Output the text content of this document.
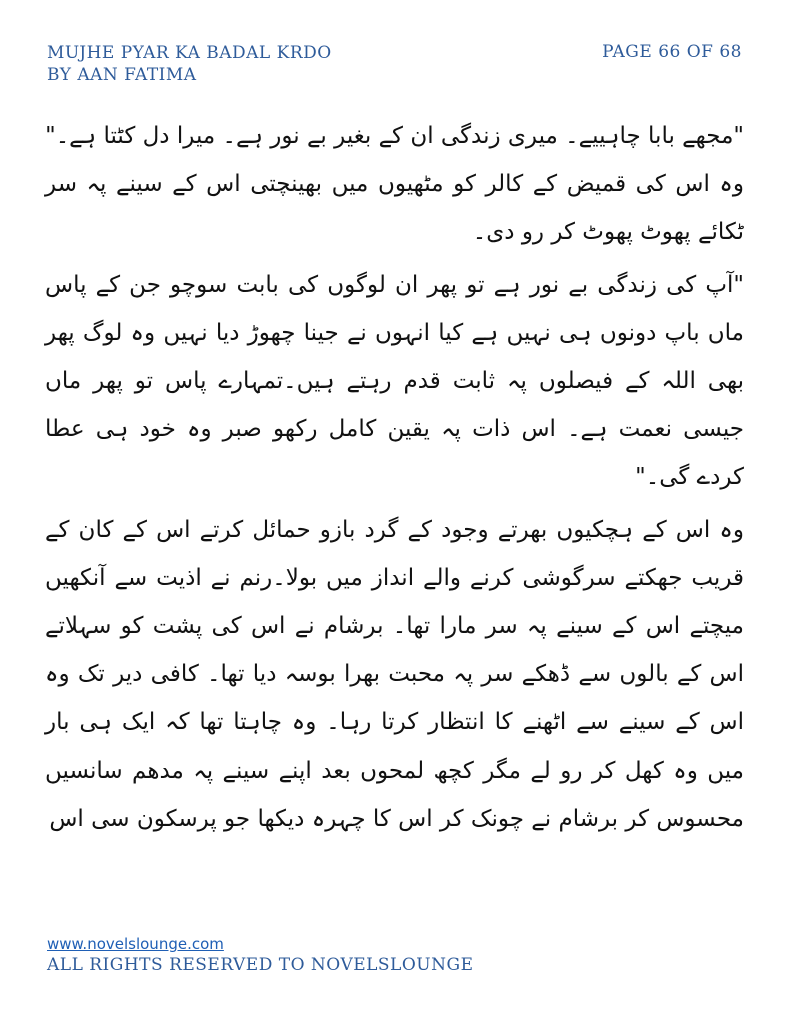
MUJHE PYAR KA BADAL KRDO
BY AAN FATIMA
PAGE 66 OF 68

"مجھے بابا چاہییے۔ میری زندگی ان کے بغیر بے نور ہے۔ میرا دل کٹتا ہے۔"

وہ اس کی قمیض کے کالر کو مٹھیوں میں بھینچتی اس کے سینے پہ سر ٹکائے پھوٹ پھوٹ کر رو دی۔

"آپ کی زندگی بے نور ہے تو پھر ان لوگوں کی بابت سوچو جن کے پاس ماں باپ دونوں ہی نہیں ہے کیا انہوں نے جینا چھوڑ دیا نہیں وہ لوگ پھر بھی اللہ کے فیصلوں پہ ثابت قدم رہتے ہیں۔تمہارے پاس تو پھر ماں جیسی نعمت ہے۔ اس ذات پہ یقین کامل رکھو صبر وہ خود ہی عطا کردے گی۔"

وہ اس کے ہچکیوں بھرتے وجود کے گرد بازو حمائل کرتے اس کے کان کے قریب جھکتے سرگوشی کرنے والے انداز میں بولا۔رنم نے اذیت سے آنکھیں میچتے اس کے سینے پہ سر مارا تھا۔ برشام نے اس کی پشت کو سہلاتے اس کے بالوں سے ڈھکے سر پہ محبت بھرا بوسہ دیا تھا۔ کافی دیر تک وہ اس کے سینے سے اٹھنے کا انتظار کرتا رہا۔ وہ چاہتا تھا کہ ایک ہی بار میں وہ کھل کر رو لے مگر کچھ لمحوں بعد اپنے سینے پہ مدھم سانسیں محسوس کر برشام نے چونک کر اس کا چہرہ دیکھا جو پرسکون سی اس

www.novelslounge.com
ALL RIGHTS RESERVED TO NOVELSLOUNGE
